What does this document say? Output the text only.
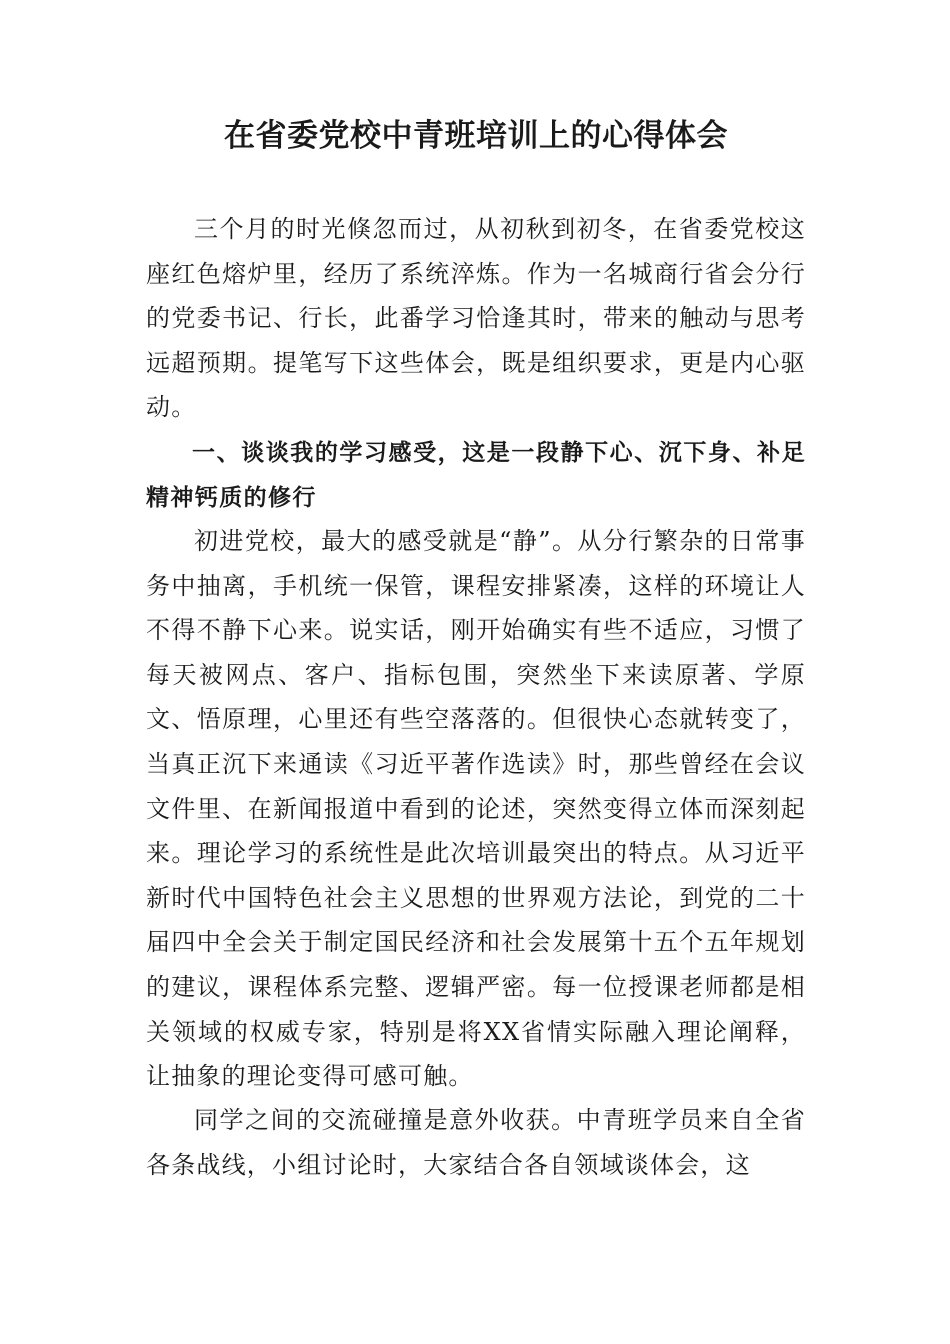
在省委党校中青班培训上的心得体会

三个月的时光倏忽而过，从初秋到初冬，在省委党校这座红色熔炉里，经历了系统淬炼。作为一名城商行省会分行的党委书记、行长，此番学习恰逢其时，带来的触动与思考远超预期。提笔写下这些体会，既是组织要求，更是内心驱动。

一、谈谈我的学习感受，这是一段静下心、沉下身、补足精神钙质的修行

初进党校，最大的感受就是“静”。从分行繁杂的日常事务中抽离，手机统一保管，课程安排紧凑，这样的环境让人不得不静下心来。说实话，刚开始确实有些不适应，习惯了每天被网点、客户、指标包围，突然坐下来读原著、学原文、悟原理，心里还有些空落落的。但很快心态就转变了，当真正沉下来通读《习近平著作选读》时，那些曾经在会议文件里、在新闻报道中看到的论述，突然变得立体而深刻起来。理论学习的系统性是此次培训最突出的特点。从习近平新时代中国特色社会主义思想的世界观方法论，到党的二十届四中全会关于制定国民经济和社会发展第十五个五年规划的建议，课程体系完整、逻辑严密。每一位授课老师都是相关领域的权威专家，特别是将XX省情实际融入理论阐释，让抽象的理论变得可感可触。

同学之间的交流碰撞是意外收获。中青班学员来自全省各条战线，小组讨论时，大家结合各自领域谈体会，这
